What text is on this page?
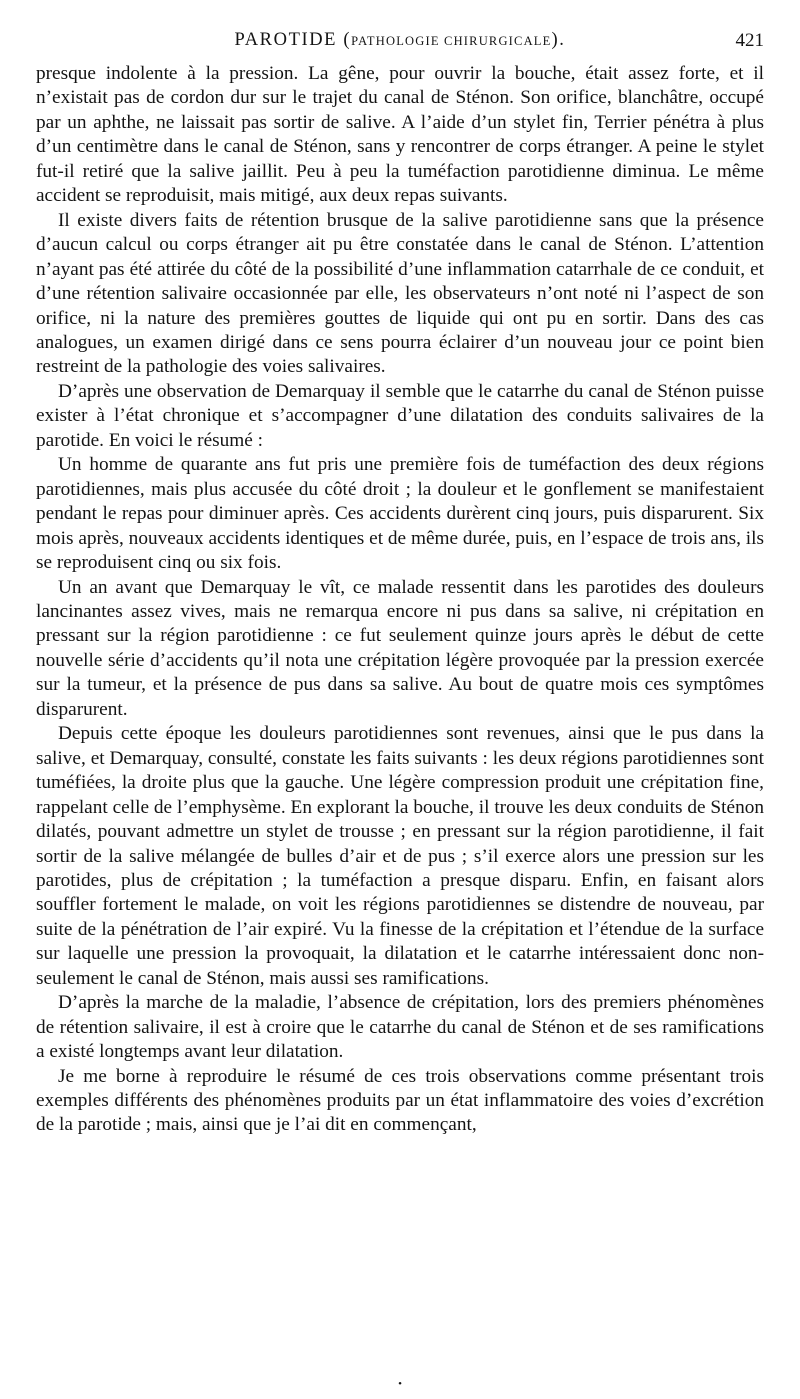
PAROTIDE (PATHOLOGIE CHIRURGICALE).	421

presque indolente à la pression. La gêne, pour ouvrir la bouche, était assez forte, et il n’existait pas de cordon dur sur le trajet du canal de Sténon. Son orifice, blanchâtre, occupé par un aphthe, ne laissait pas sortir de salive. A l’aide d’un stylet fin, Terrier pénétra à plus d’un centimètre dans le canal de Sténon, sans y rencontrer de corps étranger. A peine le stylet fut-il retiré que la salive jaillit. Peu à peu la tuméfaction parotidienne diminua. Le même accident se reproduisit, mais mitigé, aux deux repas suivants.

Il existe divers faits de rétention brusque de la salive parotidienne sans que la présence d’aucun calcul ou corps étranger ait pu être constatée dans le canal de Sténon. L’attention n’ayant pas été attirée du côté de la possibilité d’une inflammation catarrhale de ce conduit, et d’une rétention salivaire occasionnée par elle, les observateurs n’ont noté ni l’aspect de son orifice, ni la nature des premières gouttes de liquide qui ont pu en sortir. Dans des cas analogues, un examen dirigé dans ce sens pourra éclairer d’un nouveau jour ce point bien restreint de la pathologie des voies salivaires.

D’après une observation de Demarquay il semble que le catarrhe du canal de Sténon puisse exister à l’état chronique et s’accompagner d’une dilatation des conduits salivaires de la parotide. En voici le résumé :

Un homme de quarante ans fut pris une première fois de tuméfaction des deux régions parotidiennes, mais plus accusée du côté droit ; la douleur et le gonflement se manifestaient pendant le repas pour diminuer après. Ces accidents durèrent cinq jours, puis disparurent. Six mois après, nouveaux accidents identiques et de même durée, puis, en l’espace de trois ans, ils se reproduisent cinq ou six fois.

Un an avant que Demarquay le vît, ce malade ressentit dans les parotides des douleurs lancinantes assez vives, mais ne remarqua encore ni pus dans sa salive, ni crépitation en pressant sur la région parotidienne : ce fut seulement quinze jours après le début de cette nouvelle série d’accidents qu’il nota une crépitation légère provoquée par la pression exercée sur la tumeur, et la présence de pus dans sa salive. Au bout de quatre mois ces symptômes disparurent.

Depuis cette époque les douleurs parotidiennes sont revenues, ainsi que le pus dans la salive, et Demarquay, consulté, constate les faits suivants : les deux régions parotidiennes sont tuméfiées, la droite plus que la gauche. Une légère compression produit une crépitation fine, rappelant celle de l’emphysème. En explorant la bouche, il trouve les deux conduits de Sténon dilatés, pouvant admettre un stylet de trousse ; en pressant sur la région parotidienne, il fait sortir de la salive mélangée de bulles d’air et de pus ; s’il exerce alors une pression sur les parotides, plus de crépitation ; la tuméfaction a presque disparu. Enfin, en faisant alors souffler fortement le malade, on voit les régions parotidiennes se distendre de nouveau, par suite de la pénétration de l’air expiré. Vu la finesse de la crépitation et l’étendue de la surface sur laquelle une pression la provoquait, la dilatation et le catarrhe intéressaient donc non-seulement le canal de Sténon, mais aussi ses ramifications.

D’après la marche de la maladie, l’absence de crépitation, lors des premiers phénomènes de rétention salivaire, il est à croire que le catarrhe du canal de Sténon et de ses ramifications a existé longtemps avant leur dilatation.

Je me borne à reproduire le résumé de ces trois observations comme présentant trois exemples différents des phénomènes produits par un état inflammatoire des voies d’excrétion de la parotide ; mais, ainsi que je l’ai dit en commençant,

•
